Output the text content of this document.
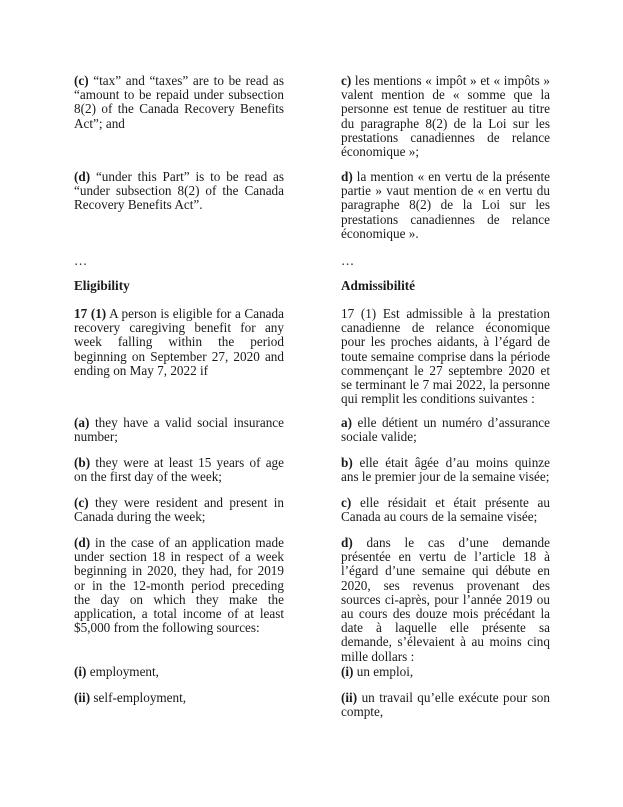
(c) “tax” and “taxes” are to be read as “amount to be repaid under subsection 8(2) of the Canada Recovery Benefits Act”; and
(d) “under this Part” is to be read as “under subsection 8(2) of the Canada Recovery Benefits Act”.
…
Eligibility
17 (1) A person is eligible for a Canada recovery caregiving benefit for any week falling within the period beginning on September 27, 2020 and ending on May 7, 2022 if
(a) they have a valid social insurance number;
(b) they were at least 15 years of age on the first day of the week;
(c) they were resident and present in Canada during the week;
(d) in the case of an application made under section 18 in respect of a week beginning in 2020, they had, for 2019 or in the 12-month period preceding the day on which they make the application, a total income of at least $5,000 from the following sources:
(i) employment,
(ii) self-employment,
c) les mentions « impôt » et « impôts » valent mention de « somme que la personne est tenue de restituer au titre du paragraphe 8(2) de la Loi sur les prestations canadiennes de relance économique »;
d) la mention « en vertu de la présente partie » vaut mention de « en vertu du paragraphe 8(2) de la Loi sur les prestations canadiennes de relance économique ».
…
Admissibilité
17 (1) Est admissible à la prestation canadienne de relance économique pour les proches aidants, à l’égard de toute semaine comprise dans la période commençant le 27 septembre 2020 et se terminant le 7 mai 2022, la personne qui remplit les conditions suivantes :
a) elle détient un numéro d’assurance sociale valide;
b) elle était âgée d’au moins quinze ans le premier jour de la semaine visée;
c) elle résidait et était présente au Canada au cours de la semaine visée;
d) dans le cas d’une demande présentée en vertu de l’article 18 à l’égard d’une semaine qui débute en 2020, ses revenus provenant des sources ci-après, pour l’année 2019 ou au cours des douze mois précédant la date à laquelle elle présente sa demande, s’élevaient à au moins cinq mille dollars :
(i) un emploi,
(ii) un travail qu’elle exécute pour son compte,
